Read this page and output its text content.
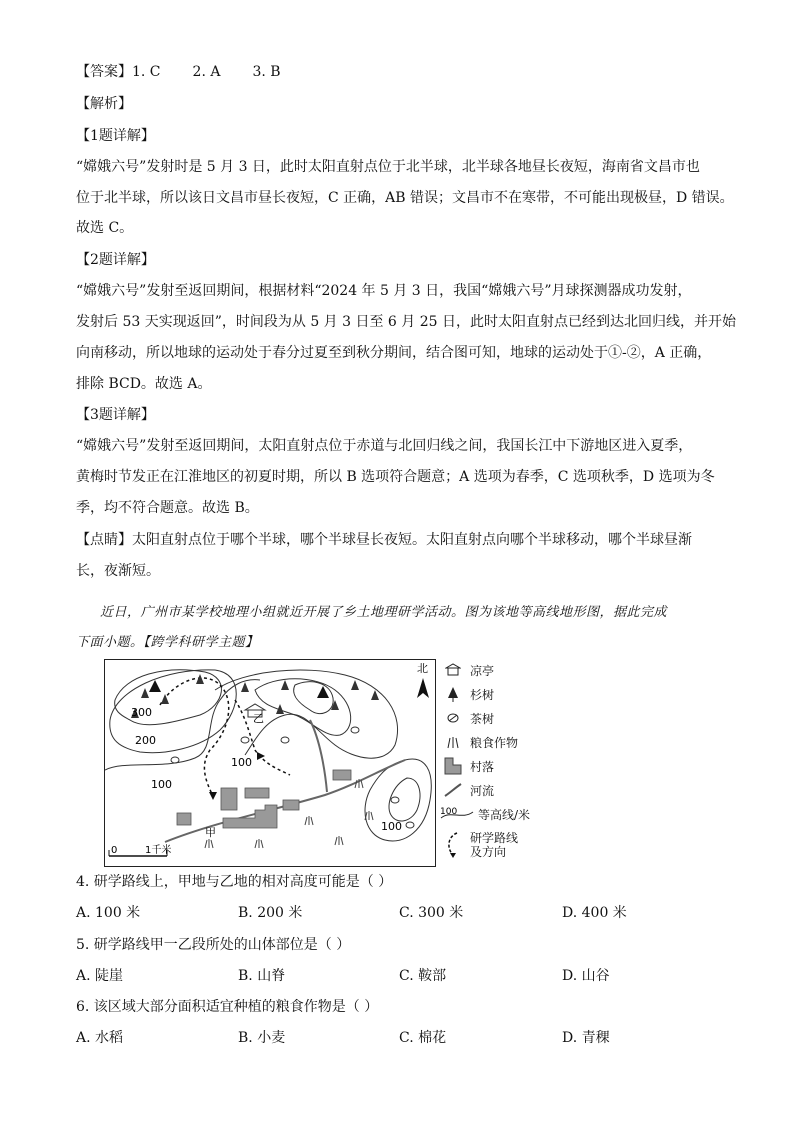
【答案】1. C 2. A 3. B
【解析】
【1题详解】
“嫦娥六号”发射时是 5 月 3 日，此时太阳直射点位于北半球，北半球各地昼长夜短，海南省文昌市也
位于北半球，所以该日文昌市昼长夜短，C 正确，AB 错误；文昌市不在寒带，不可能出现极昼，D 错误。
故选 C。
【2题详解】
“嫦娥六号”发射至返回期间，根据材料“2024 年 5 月 3 日，我国“嫦娥六号”月球探测器成功发射，
发射后 53 天实现返回”，时间段为从 5 月 3 日至 6 月 25 日，此时太阳直射点已经到达北回归线，并开始
向南移动，所以地球的运动处于春分过夏至到秋分期间，结合图可知，地球的运动处于①-②，A 正确，
排除 BCD。故选 A。
【3题详解】
“嫦娥六号”发射至返回期间，太阳直射点位于赤道与北回归线之间，我国长江中下游地区进入夏季，
黄梅时节发正在江淮地区的初夏时期，所以 B 选项符合题意；A 选项为春季，C 选项秋季，D 选项为冬
季，均不符合题意。故选 B。
【点睛】太阳直射点位于哪个半球，哪个半球昼长夜短。太阳直射点向哪个半球移动，哪个半球昼渐
长，夜渐短。
近日，广州市某学校地理小组就近开展了乡土地理研学活动。图为该地等高线地形图，据此完成
下面小题。【跨学科研学主题】
300
200
100
100
100
甲
乙
北
0	1千米
凉亭
杉树
茶树
粮食作物
村落
河流
100 等高线/米
研学路线
及方向
4. 研学路线上，甲地与乙地的相对高度可能是（ ）
A. 100 米	B. 200 米	C. 300 米	D. 400 米
5. 研学路线甲一乙段所处的山体部位是（ ）
A. 陡崖	B. 山脊	C. 鞍部	D. 山谷
6. 该区域大部分面积适宜种植的粮食作物是（ ）
A. 水稻	B. 小麦	C. 棉花	D. 青稞
